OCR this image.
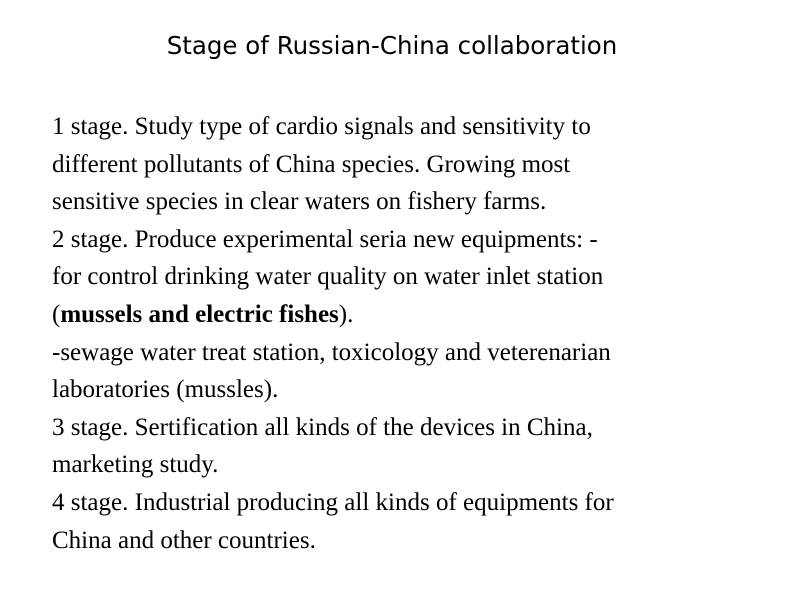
Stage of Russian-China collaboration
1 stage. Study type of cardio signals and sensitivity to
different pollutants of China species. Growing most
sensitive species in clear waters on fishery farms.
2 stage. Produce experimental seria new equipments: -
for control drinking water quality on water inlet station
(mussels and electric fishes).
-sewage water treat station, toxicology and veterenarian
laboratories (mussles).
3 stage. Sertification all kinds of the devices in China,
marketing study.
4 stage. Industrial producing all kinds of equipments for
China and other countries.
